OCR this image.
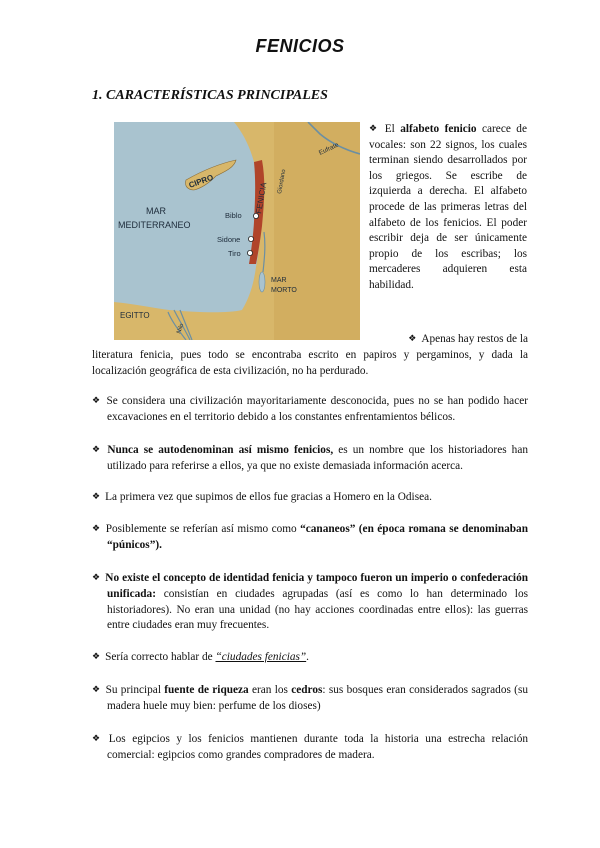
FENICIOS
1. CARACTERÍSTICAS PRINCIPALES
CIPRO
MAR
MEDITERRANEO
Biblo
Sidone
Tiro
FENICIA
Giordano
Eufrate
MAR
MORTO
EGITTO
Nilo
❖ El alfabeto fenicio carece de vocales: son 22 signos, los cuales terminan siendo desarrollados por los griegos. Se escribe de izquierda a derecha. El alfabeto procede de las primeras letras del alfabeto de los fenicios. El poder escribir deja de ser únicamente propio de los escribas; los mercaderes adquieren esta habilidad.
❖ Apenas hay restos de la
literatura fenicia, pues todo se encontraba escrito en papiros y pergaminos, y dada la localización geográfica de esta civilización, no ha perdurado.
❖ Se considera una civilización mayoritariamente desconocida, pues no se han podido hacer excavaciones en el territorio debido a los constantes enfrentamientos bélicos.
❖ Nunca se autodenominan así mismo fenicios, es un nombre que los historiadores han utilizado para referirse a ellos, ya que no existe demasiada información acerca.
❖ La primera vez que supimos de ellos fue gracias a Homero en la Odisea.
❖ Posiblemente se referían así mismo como “cananeos” (en época romana se denominaban “púnicos”).
❖ No existe el concepto de identidad fenicia y tampoco fueron un imperio o confederación unificada: consistían en ciudades agrupadas (así es como lo han determinado los historiadores). No eran una unidad (no hay acciones coordinadas entre ellos): las guerras entre ciudades eran muy frecuentes.
❖ Sería correcto hablar de “ciudades fenicias”.
❖ Su principal fuente de riqueza eran los cedros: sus bosques eran considerados sagrados (su madera huele muy bien: perfume de los dioses)
❖ Los egipcios y los fenicios mantienen durante toda la historia una estrecha relación comercial: egipcios como grandes compradores de madera.
